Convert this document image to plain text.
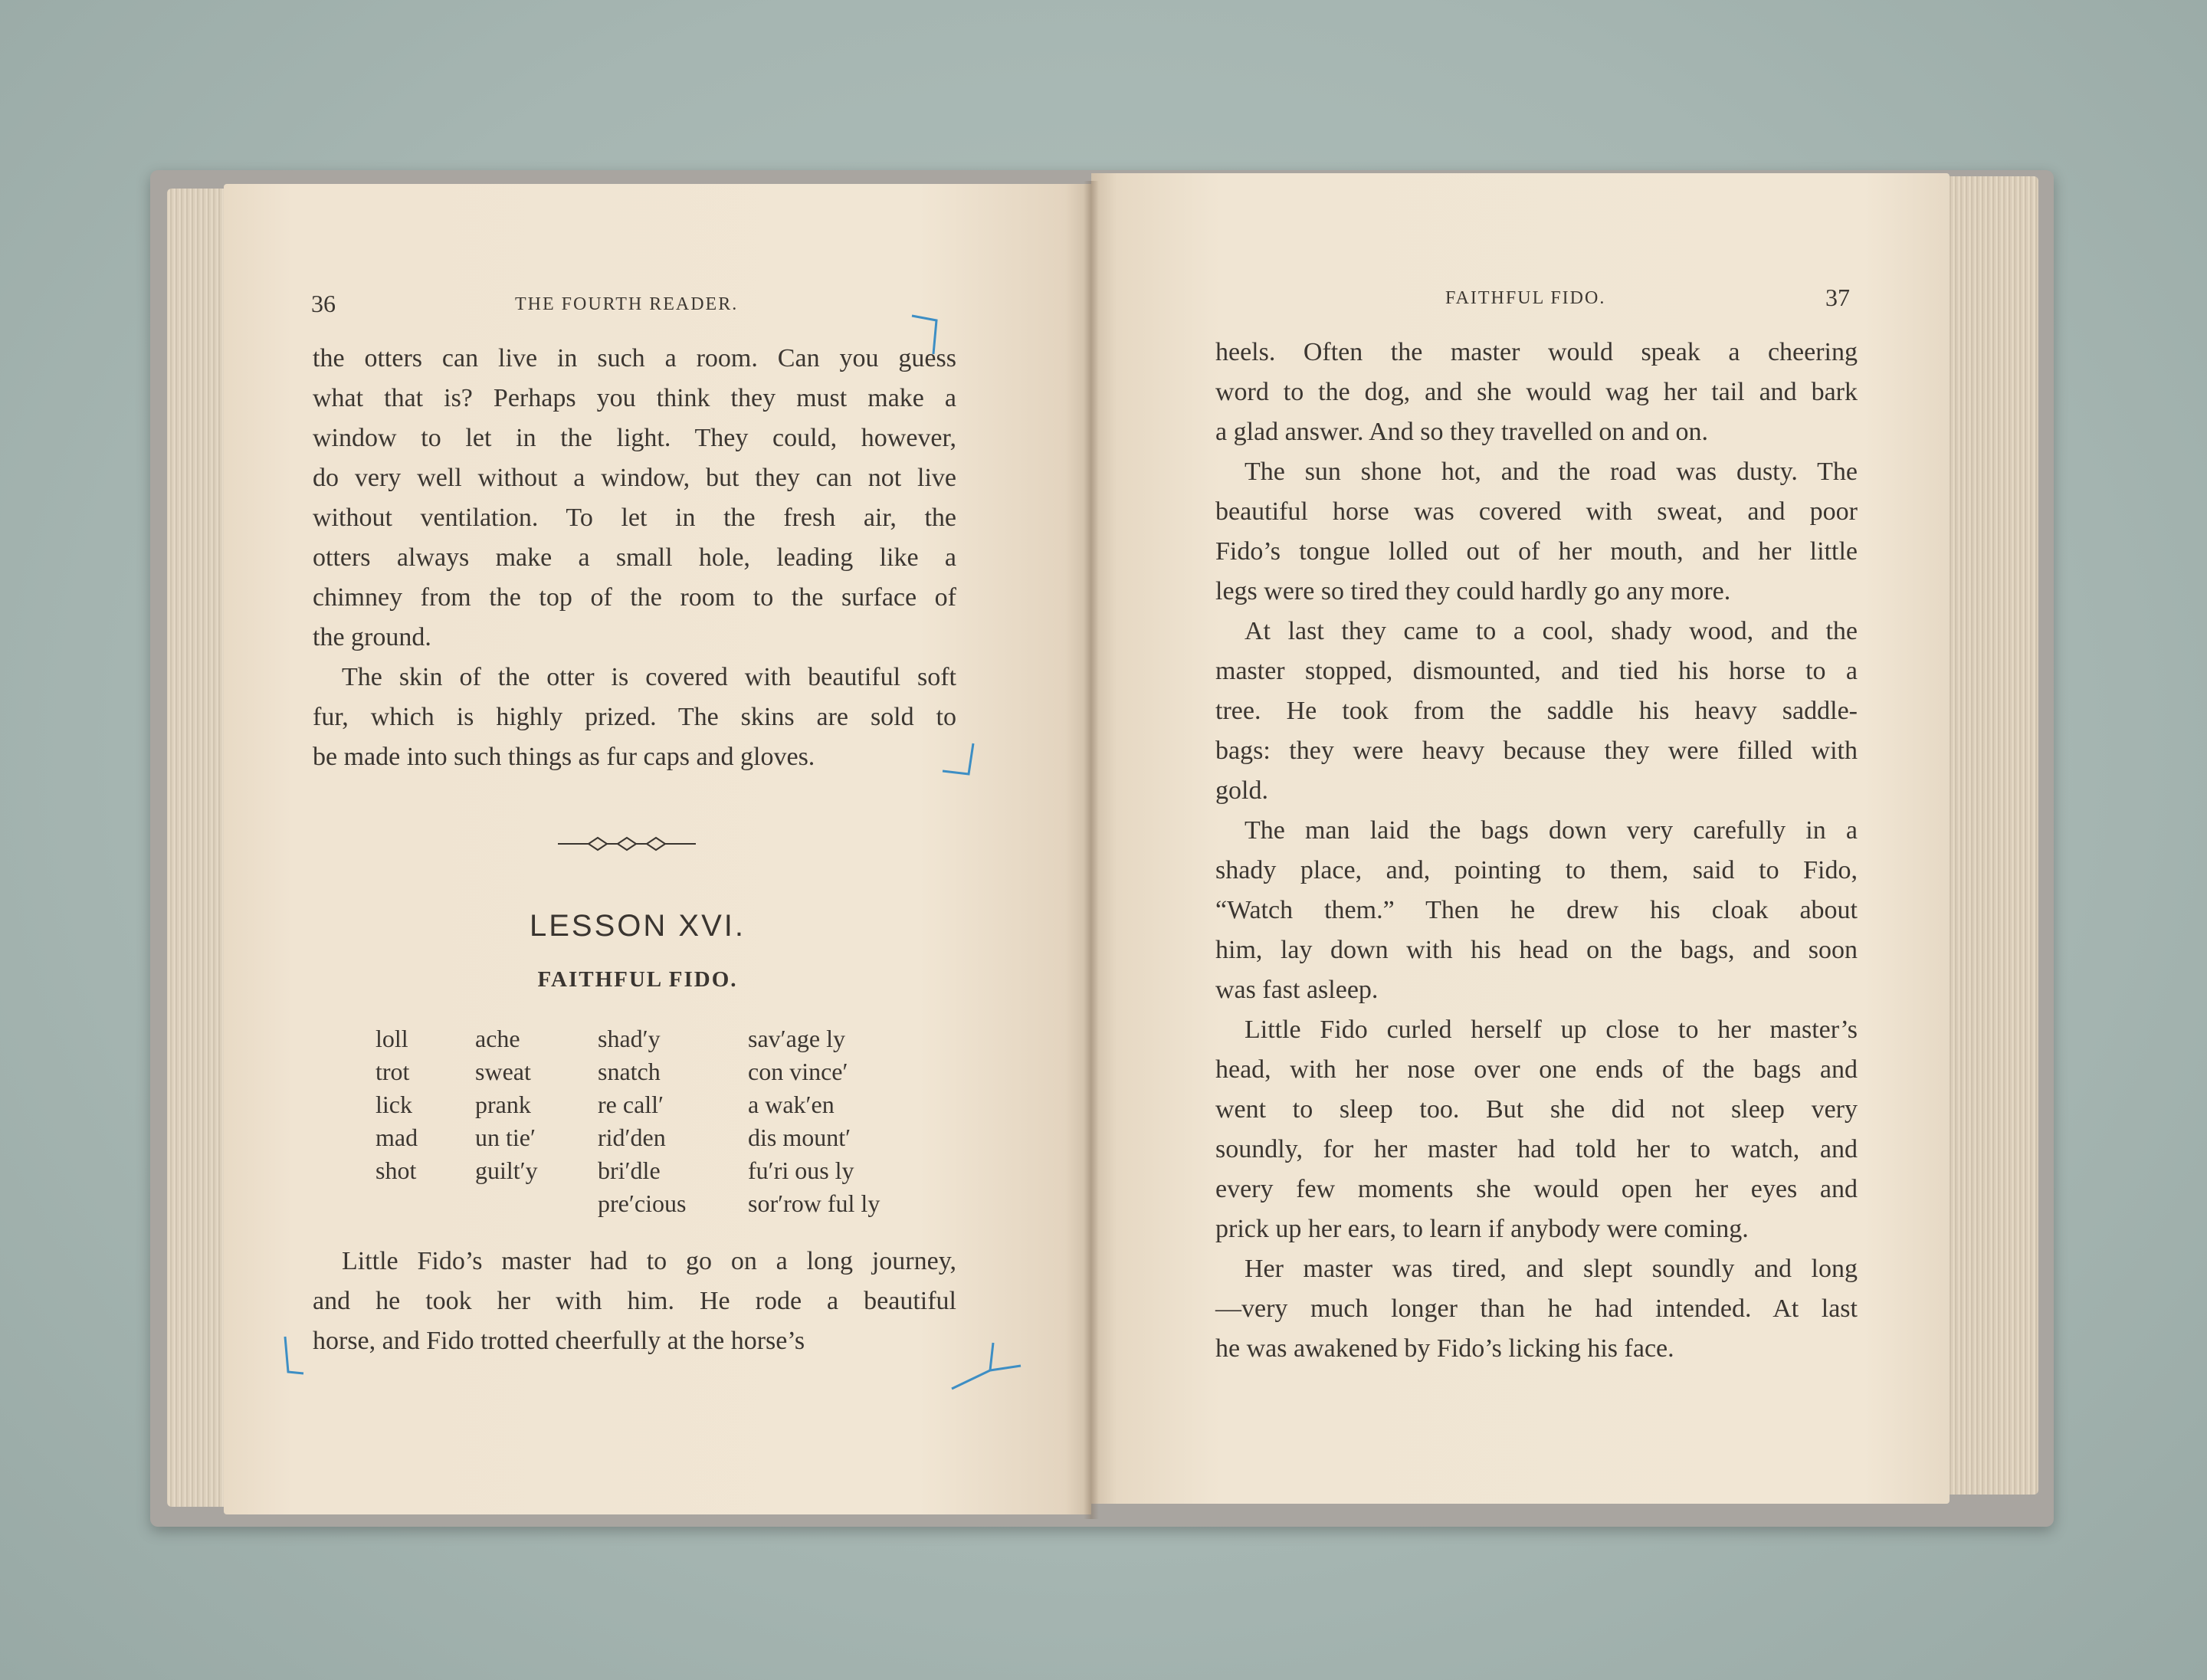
36	THE FOURTH READER.
the otters can live in such a room. Can you guess
what that is? Perhaps you think they must make a
window to let in the light. They could, however,
do very well without a window, but they can not live
without ventilation. To let in the fresh air, the
otters always make a small hole, leading like a
chimney from the top of the room to the surface of
the ground.
The skin of the otter is covered with beautiful soft
fur, which is highly prized. The skins are sold to
be made into such things as fur caps and gloves.
LESSON XVI.
FAITHFUL FIDO.
loll
trot
lick
mad
shot
ache
sweat
prank
un tie′
guilt′y
shad′y
snatch
re call′
rid′den
bri′dle
pre′cious
sav′age ly
con vince′
a wak′en
dis mount′
fu′ri ous ly
sor′row ful ly
Little Fido’s master had to go on a long journey,
and he took her with him. He rode a beautiful
horse, and Fido trotted cheerfully at the horse’s
FAITHFUL FIDO.	37
heels. Often the master would speak a cheering
word to the dog, and she would wag her tail and bark
a glad answer. And so they travelled on and on.
The sun shone hot, and the road was dusty. The
beautiful horse was covered with sweat, and poor
Fido’s tongue lolled out of her mouth, and her little
legs were so tired they could hardly go any more.
At last they came to a cool, shady wood, and the
master stopped, dismounted, and tied his horse to a
tree. He took from the saddle his heavy saddle-
bags: they were heavy because they were filled with
gold.
The man laid the bags down very carefully in a
shady place, and, pointing to them, said to Fido,
“Watch them.” Then he drew his cloak about
him, lay down with his head on the bags, and soon
was fast asleep.
Little Fido curled herself up close to her master’s
head, with her nose over one ends of the bags and
went to sleep too. But she did not sleep very
soundly, for her master had told her to watch, and
every few moments she would open her eyes and
prick up her ears, to learn if anybody were coming.
Her master was tired, and slept soundly and long
—very much longer than he had intended. At last
he was awakened by Fido’s licking his face.
